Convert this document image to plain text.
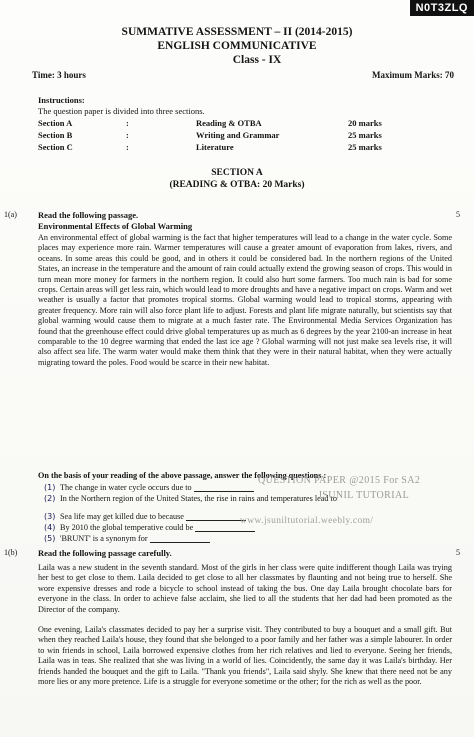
N0T3ZLQ
SUMMATIVE ASSESSMENT – II (2014-2015)
ENGLISH COMMUNICATIVE
Class - IX
Time: 3 hours	Maximum Marks: 70
Instructions:
The question paper is divided into three sections.
Section A	:	Reading & OTBA	20 marks
Section B	:	Writing and Grammar	25 marks
Section C	:	Literature	25 marks
SECTION A
(READING & OTBA: 20 Marks)
1(a)	5
Read the following passage.
Environmental Effects of Global Warming

An environmental effect of global warming is the fact that higher temperatures will lead to a change in the water cycle. Some places may experience more rain. Warmer temperatures will cause a greater amount of evaporation from lakes, rivers, and oceans. In some areas this could be good, and in others it could be considered bad. In the northern regions of the United States, an increase in the temperature and the amount of rain could actually extend the growing season of crops. This would in turn mean more money for farmers in the northern region. It could also hurt some farmers. Too much rain is bad for some crops. Certain areas will get less rain, which would lead to more droughts and have a negative impact on crops. Warm and wet weather is usually a factor that promotes tropical storms. Global warming would lead to tropical storms, appearing with greater frequency. More rain will also force plant life to adjust. Forests and plant life migrate naturally, but scientists say that global warming would cause them to migrate at a much faster rate. The Environmental Media Services Organization has found that the greenhouse effect could drive global temperatures up as much as 6 degrees by the year 2100-an increase in heat comparable to the 10 degree warming that ended the last ice age ? Global warming will not just make sea levels rise, it will also affect sea life. The warm water would make them think that they were in their natural habitat, when they were actually migrating toward the poles. Food would be scarce in their new habitat.

On the basis of your reading of the above passage, answer the following questions :
(1) The change in water cycle occurs due to
(2) In the Northern region of the United States, the rise in rains and temperatures lead to
(3) Sea life may get killed due to because
(4) By 2010 the global temperative could be
(5) 'BRUNT' is a synonym for
QUESTION PAPER @2015 For SA2
JSUNIL TUTORIAL
www.jsuniltutorial.weebly.com/
1(b)	5
Read the following passage carefully.

Laila was a new student in the seventh standard. Most of the girls in her class were quite indifferent though Laila was trying her best to get close to them. Laila decided to get close to all her classmates by flaunting and not being true to herself. She wore expensive dresses and rode a bicycle to school instead of taking the bus. One day Laila brought chocolate bars for everyone in the class. In order to achieve false acclaim, she lied to all the students that her dad had been promoted as the Director of the company.

One evening, Laila's classmates decided to pay her a surprise visit. They contributed to buy a bouquet and a small gift. But when they reached Laila's house, they found that she belonged to a poor family and her father was a simple labourer. In order to win friends in school, Laila borrowed expensive clothes from her rich relatives and lied to everyone. Seeing her friends, Laila was in teas. She realized that she was living in a world of lies. Coincidently, the same day it was Laila's birthday. Her friends handed the bouquet and the gift to Laila. "Thank you friends", Laila said shyly. She knew that there need not be any more lies or any more pretence. Life is a struggle for everyone sometime or the other; for the rich as well as the poor.
